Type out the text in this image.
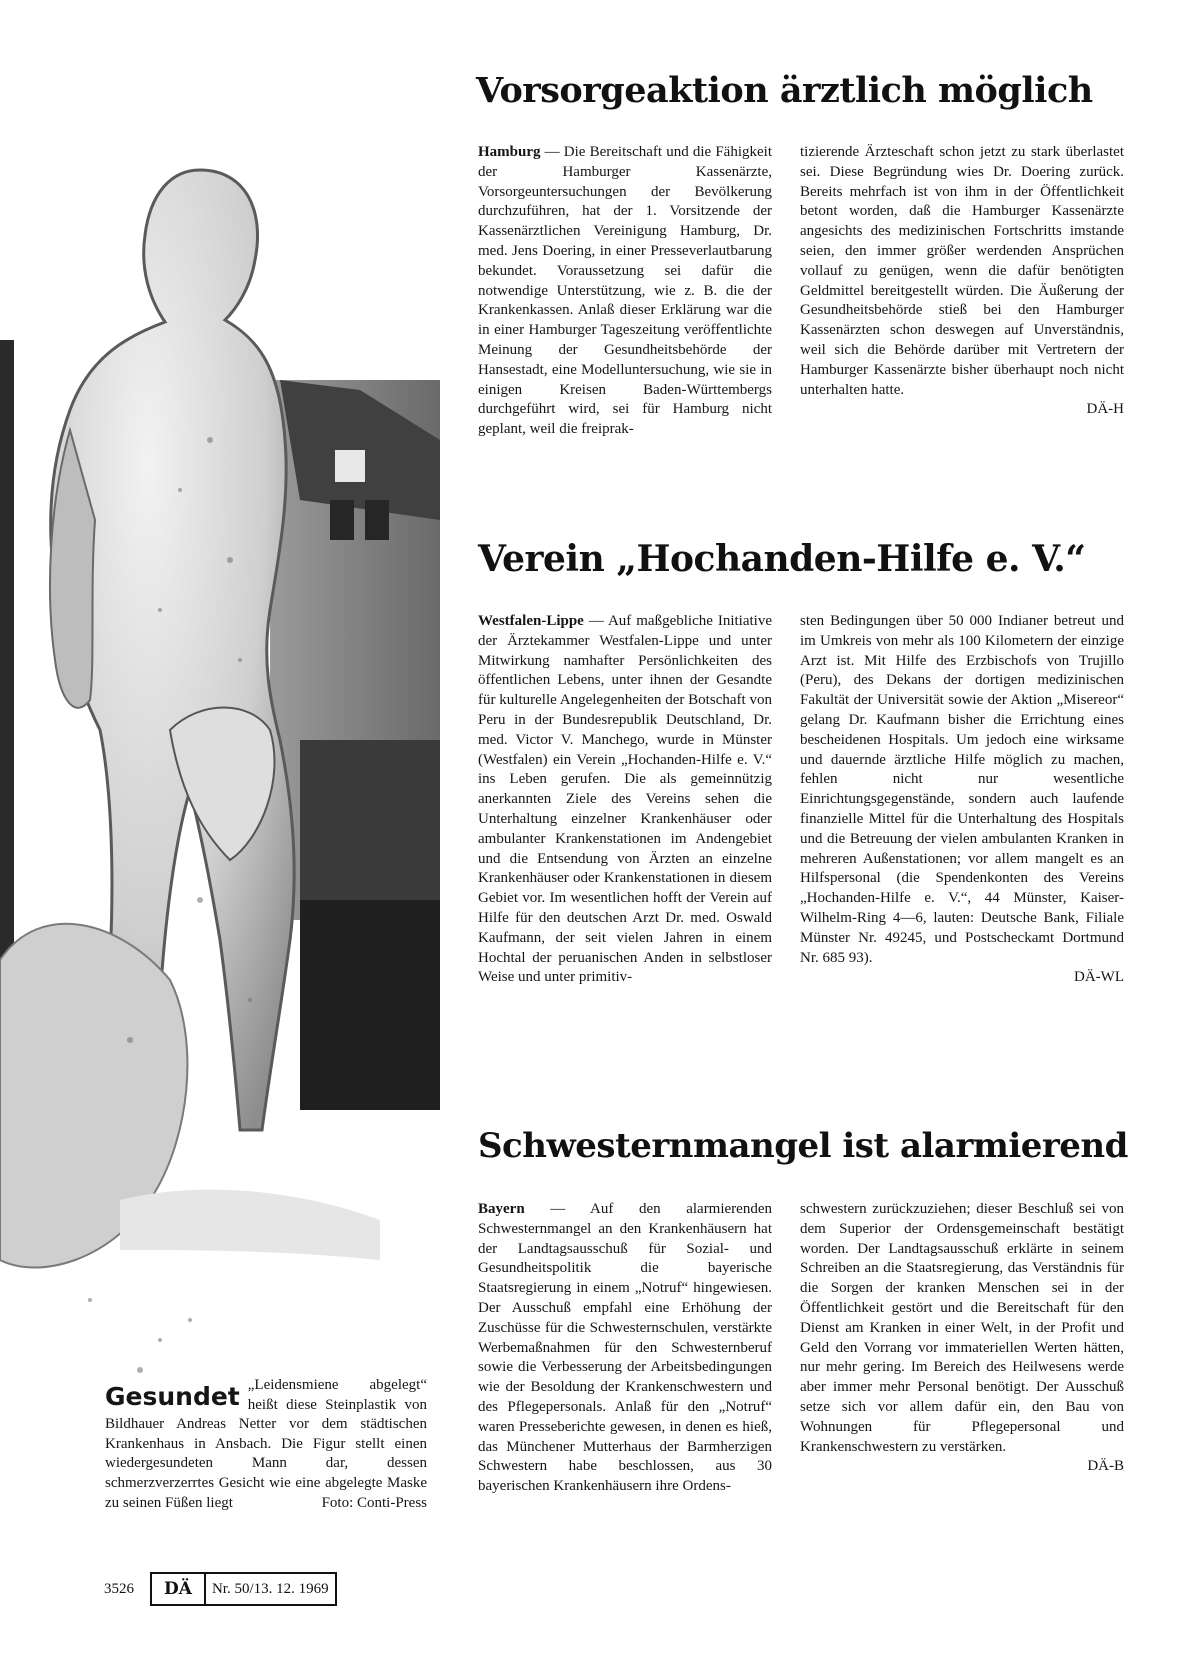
Vorsorgeaktion ärztlich möglich
Hamburg — Die Bereitschaft und die Fähigkeit der Hamburger Kassenärzte, Vorsorgeuntersuchungen der Bevölkerung durchzuführen, hat der 1. Vorsitzende der Kassenärztlichen Vereinigung Hamburg, Dr. med. Jens Doering, in einer Presseverlautbarung bekundet. Voraussetzung sei dafür die notwendige Unterstützung, wie z. B. die der Krankenkassen. Anlaß dieser Erklärung war die in einer Hamburger Tageszeitung veröffentlichte Meinung der Gesundheitsbehörde der Hansestadt, eine Modelluntersuchung, wie sie in einigen Kreisen Baden-Württembergs durchgeführt wird, sei für Hamburg nicht geplant, weil die freiprak-
tizierende Ärzteschaft schon jetzt zu stark überlastet sei. Diese Begründung wies Dr. Doering zurück. Bereits mehrfach ist von ihm in der Öffentlichkeit betont worden, daß die Hamburger Kassenärzte angesichts des medizinischen Fortschritts imstande seien, den immer größer werdenden Ansprüchen vollauf zu genügen, wenn die dafür benötigten Geldmittel bereitgestellt würden. Die Äußerung der Gesundheitsbehörde stieß bei den Hamburger Kassenärzten schon deswegen auf Unverständnis, weil sich die Behörde darüber mit Vertretern der Hamburger Kassenärzte bisher überhaupt noch nicht unterhalten hatte.
DÄ-H
Verein „Hochanden-Hilfe e. V.“
Westfalen-Lippe — Auf maßgebliche Initiative der Ärztekammer Westfalen-Lippe und unter Mitwirkung namhafter Persönlichkeiten des öffentlichen Lebens, unter ihnen der Gesandte für kulturelle Angelegenheiten der Botschaft von Peru in der Bundesrepublik Deutschland, Dr. med. Victor V. Manchego, wurde in Münster (Westfalen) ein Verein „Hochanden-Hilfe e. V.“ ins Leben gerufen. Die als gemeinnützig anerkannten Ziele des Vereins sehen die Unterhaltung einzelner Krankenhäuser oder ambulanter Krankenstationen im Andengebiet und die Entsendung von Ärzten an einzelne Krankenhäuser oder Krankenstationen in diesem Gebiet vor. Im wesentlichen hofft der Verein auf Hilfe für den deutschen Arzt Dr. med. Oswald Kaufmann, der seit vielen Jahren in einem Hochtal der peruanischen Anden in selbstloser Weise und unter primitiv-
sten Bedingungen über 50 000 Indianer betreut und im Umkreis von mehr als 100 Kilometern der einzige Arzt ist. Mit Hilfe des Erzbischofs von Trujillo (Peru), des Dekans der dortigen medizinischen Fakultät der Universität sowie der Aktion „Misereor“ gelang Dr. Kaufmann bisher die Errichtung eines bescheidenen Hospitals. Um jedoch eine wirksame und dauernde ärztliche Hilfe möglich zu machen, fehlen nicht nur wesentliche Einrichtungsgegenstände, sondern auch laufende finanzielle Mittel für die Unterhaltung des Hospitals und die Betreuung der vielen ambulanten Kranken in mehreren Außenstationen; vor allem mangelt es an Hilfspersonal (die Spendenkonten des Vereins „Hochanden-Hilfe e. V.“, 44 Münster, Kaiser-Wilhelm-Ring 4—6, lauten: Deutsche Bank, Filiale Münster Nr. 49245, und Postscheckamt Dortmund Nr. 685 93).
DÄ-WL
Schwesternmangel ist alarmierend
Bayern — Auf den alarmierenden Schwesternmangel an den Krankenhäusern hat der Landtagsausschuß für Sozial- und Gesundheitspolitik die bayerische Staatsregierung in einem „Notruf“ hingewiesen. Der Ausschuß empfahl eine Erhöhung der Zuschüsse für die Schwesternschulen, verstärkte Werbemaßnahmen für den Schwesternberuf sowie die Verbesserung der Arbeitsbedingungen wie der Besoldung der Krankenschwestern und des Pflegepersonals. Anlaß für den „Notruf“ waren Presseberichte gewesen, in denen es hieß, das Münchener Mutterhaus der Barmherzigen Schwestern habe beschlossen, aus 30 bayerischen Krankenhäusern ihre Ordens-
schwestern zurückzuziehen; dieser Beschluß sei von dem Superior der Ordensgemeinschaft bestätigt worden. Der Landtagsausschuß erklärte in seinem Schreiben an die Staatsregierung, das Verständnis für die Sorgen der kranken Menschen sei in der Öffentlichkeit gestört und die Bereitschaft für den Dienst am Kranken in einer Welt, in der Profit und Geld den Vorrang vor immateriellen Werten hätten, nur mehr gering. Im Bereich des Heilwesens werde aber immer mehr Personal benötigt. Der Ausschuß setze sich vor allem dafür ein, den Bau von Wohnungen für Pflegepersonal und Krankenschwestern zu verstärken.
DÄ-B
Gesundet „Leidensmiene abgelegt“ heißt diese Steinplastik von Bildhauer Andreas Netter vor dem städtischen Krankenhaus in Ansbach. Die Figur stellt einen wiedergesundeten Mann dar, dessen schmerzverzerrtes Gesicht wie eine abgelegte Maske zu seinen Füßen liegt	Foto: Conti-Press
3526	DÄ	Nr. 50/13. 12. 1969
